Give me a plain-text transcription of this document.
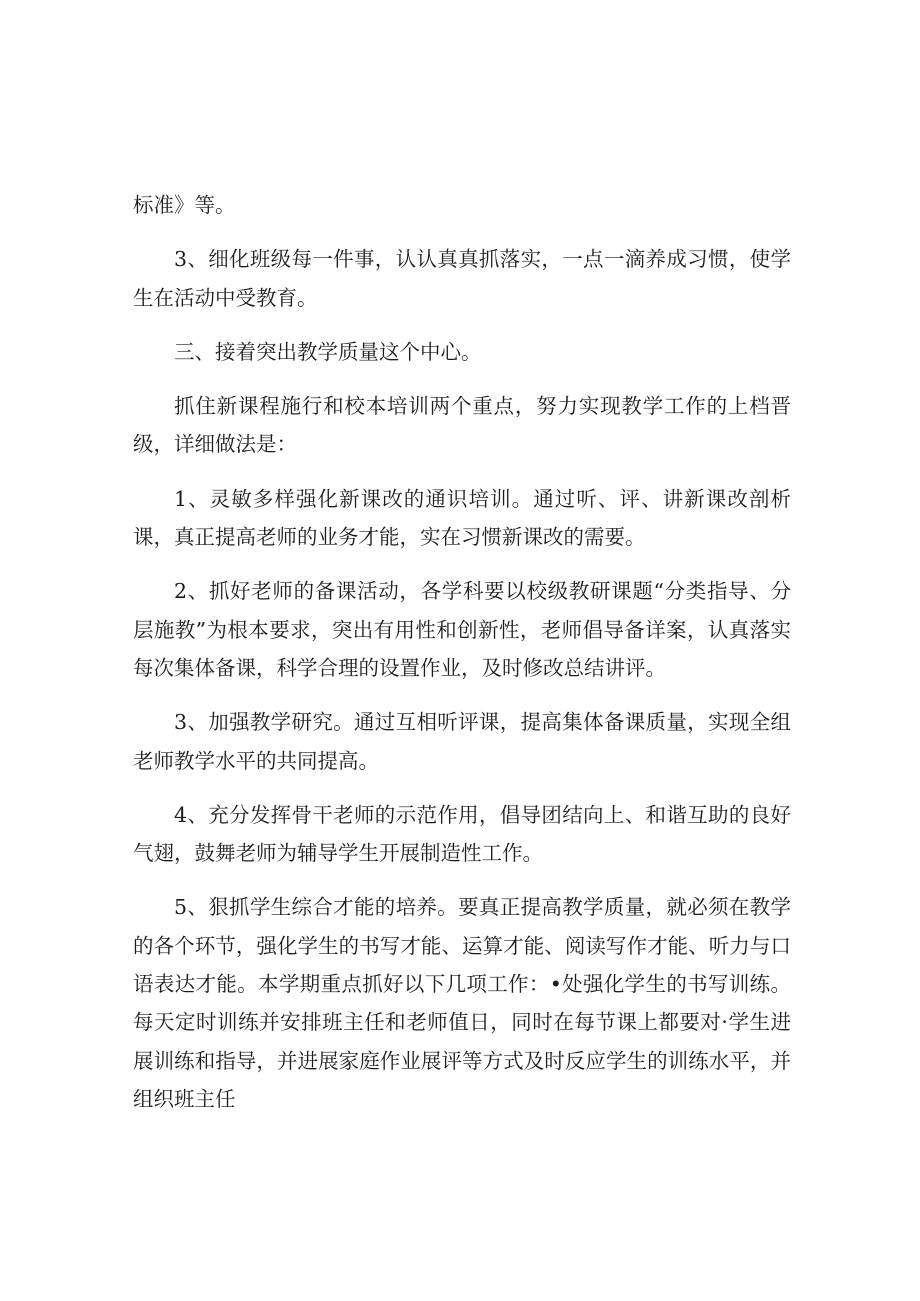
标准》等。

3、细化班级每一件事，认认真真抓落实，一点一滴养成习惯，使学生在活动中受教育。

三、接着突出教学质量这个中心。

抓住新课程施行和校本培训两个重点，努力实现教学工作的上档晋级，详细做法是：

1、灵敏多样强化新课改的通识培训。通过听、评、讲新课改剖析课，真正提高老师的业务才能，实在习惯新课改的需要。

2、抓好老师的备课活动，各学科要以校级教研课题“分类指导、分层施教”为根本要求，突出有用性和创新性，老师倡导备详案，认真落实每次集体备课，科学合理的设置作业，及时修改总结讲评。

3、加强教学研究。通过互相听评课，提高集体备课质量，实现全组老师教学水平的共同提高。

4、充分发挥骨干老师的示范作用，倡导团结向上、和谐互助的良好气翅，鼓舞老师为辅导学生开展制造性工作。

5、狠抓学生综合才能的培养。要真正提高教学质量，就必须在教学的各个环节，强化学生的书写才能、运算才能、阅读写作才能、听力与口语表达才能。本学期重点抓好以下几项工作：•处强化学生的书写训练。每天定时训练并安排班主任和老师值日，同时在每节课上都要对·学生进展训练和指导，并进展家庭作业展评等方式及时反应学生的训练水平，并组织班主任
